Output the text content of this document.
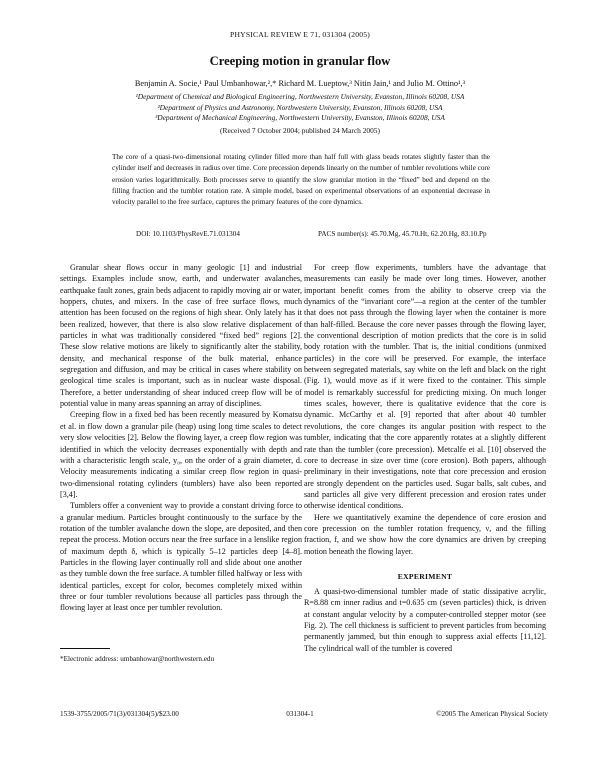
PHYSICAL REVIEW E 71, 031304 (2005)
Creeping motion in granular flow
Benjamin A. Socie,¹ Paul Umbanhowar,²,* Richard M. Lueptow,³ Nitin Jain,¹ and Julio M. Ottino¹,³
¹Department of Chemical and Biological Engineering, Northwestern University, Evanston, Illinois 60208, USA
²Department of Physics and Astronomy, Northwestern University, Evanston, Illinois 60208, USA
³Department of Mechanical Engineering, Northwestern University, Evanston, Illinois 60208, USA
(Received 7 October 2004; published 24 March 2005)
The core of a quasi-two-dimensional rotating cylinder filled more than half full with glass beads rotates slightly faster than the cylinder itself and decreases in radius over time. Core precession depends linearly on the number of tumbler revolutions while core erosion varies logarithmically. Both processes serve to quantify the slow granular motion in the “fixed” bed and depend on the filling fraction and the tumbler rotation rate. A simple model, based on experimental observations of an exponential decrease in velocity parallel to the free surface, captures the primary features of the core dynamics.
DOI: 10.1103/PhysRevE.71.031304	PACS number(s): 45.70.Mg, 45.70.Ht, 62.20.Hg, 83.10.Pp

Granular shear flows occur in many geologic [1] and industrial settings. Examples include snow, earth, and underwater avalanches, earthquake fault zones, grain beds adjacent to rapidly moving air or water, hoppers, chutes, and mixers. In the case of free surface flows, much attention has been focused on the regions of high shear. Only lately has it been realized, however, that there is also slow relative displacement of particles in what was traditionally considered “fixed bed” regions [2]. These slow relative motions are likely to significantly alter the stability, density, and mechanical response of the bulk material, enhance segregation and diffusion, and may be critical in cases where stability on geological time scales is important, such as in nuclear waste disposal. Therefore, a better understanding of shear induced creep flow will be of potential value in many areas spanning an array of disciplines.

Creeping flow in a fixed bed has been recently measured by Komatsu et al. in flow down a granular pile (heap) using long time scales to detect very slow velocities [2]. Below the flowing layer, a creep flow region was identified in which the velocity decreases exponentially with depth and with a characteristic length scale, y₀, on the order of a grain diameter, d. Velocity measurements indicating a similar creep flow region in quasi-two-dimensional rotating cylinders (tumblers) have also been reported [3,4].

Tumblers offer a convenient way to provide a constant driving force to a granular medium. Particles brought continuously to the surface by the rotation of the tumbler avalanche down the slope, are deposited, and then repeat the process. Motion occurs near the free surface in a lenslike region of maximum depth δ, which is typically 5–12 particles deep [4–8]. Particles in the flowing layer continually roll and slide about one another as they tumble down the free surface. A tumbler filled halfway or less with identical particles, except for color, becomes completely mixed within three or four tumbler revolutions because all particles pass through the flowing layer at least once per tumbler revolution.

*Electronic address: umbanhowar@northwestern.edu

For creep flow experiments, tumblers have the advantage that measurements can easily be made over long times. However, another important benefit comes from the ability to observe creep via the dynamics of the “invariant core”—a region at the center of the tumbler that does not pass through the flowing layer when the container is more than half-filled. Because the core never passes through the flowing layer, the conventional description of motion predicts that the core is in solid body rotation with the tumbler. That is, the initial conditions (unmixed particles) in the core will be preserved. For example, the interface between segregated materials, say white on the left and black on the right (Fig. 1), would move as if it were fixed to the container. This simple model is remarkably successful for predicting mixing. On much longer times scales, however, there is qualitative evidence that the core is dynamic. McCarthy et al. [9] reported that after about 40 tumbler revolutions, the core changes its angular position with respect to the tumbler, indicating that the core apparently rotates at a slightly different rate than the tumbler (core precession). Metcalfe et al. [10] observed the core to decrease in size over time (core erosion). Both papers, although preliminary in their investigations, note that core precession and erosion are strongly dependent on the particles used. Sugar balls, salt cubes, and sand particles all give very different precession and erosion rates under otherwise identical conditions.

Here we quantitatively examine the dependence of core erosion and core precession on the tumbler rotation frequency, ν, and the filling fraction, f, and we show how the core dynamics are driven by creeping motion beneath the flowing layer.

EXPERIMENT

A quasi-two-dimensional tumbler made of static dissipative acrylic, R=8.88 cm inner radius and t=0.635 cm (seven particles) thick, is driven at constant angular velocity by a computer-controlled stepper motor (see Fig. 2). The cell thickness is sufficient to prevent particles from becoming permanently jammed, but thin enough to suppress axial effects [11,12]. The cylindrical wall of the tumbler is covered

1539-3755/2005/71(3)/031304(5)/$23.00	031304-1	©2005 The American Physical Society
